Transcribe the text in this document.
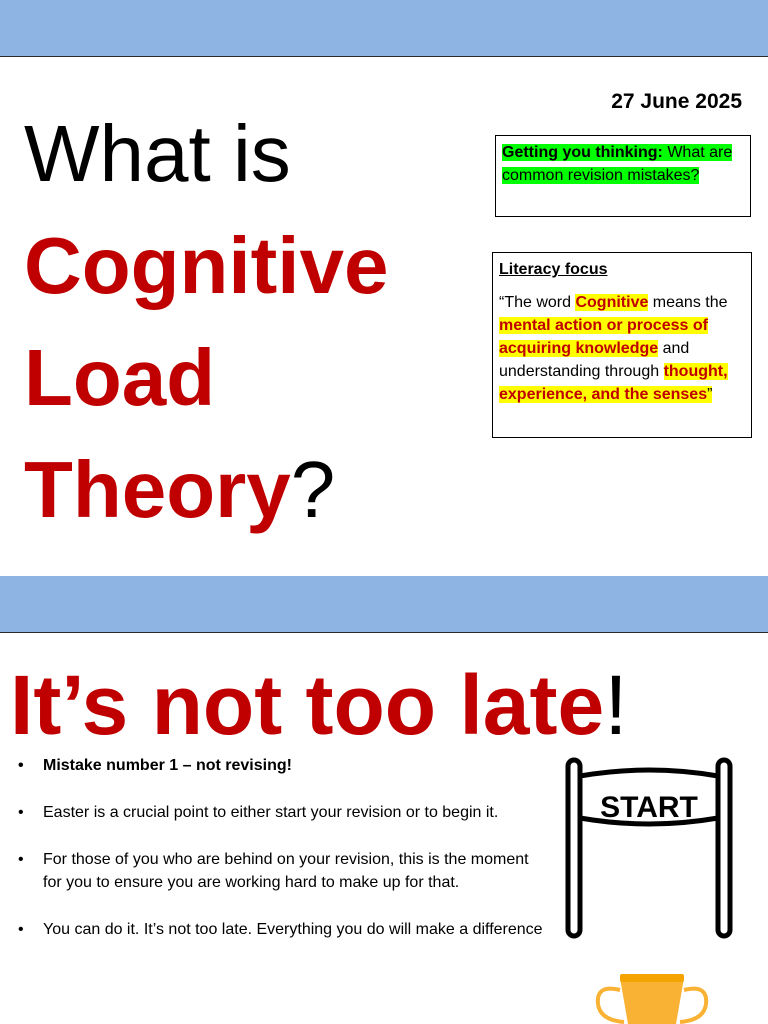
27 June 2025
What is
Cognitive
Load
Theory?
Getting you thinking: What are common revision mistakes?
Literacy focus
“The word Cognitive means the mental action or process of acquiring knowledge and understanding through thought, experience, and the senses”
It’s not too late!
• Mistake number 1 – not revising!
• Easter is a crucial point to either start your revision or to begin it.
• For those of you who are behind on your revision, this is the moment for you to ensure you are working hard to make up for that.
• You can do it. It’s not too late. Everything you do will make a difference
START
